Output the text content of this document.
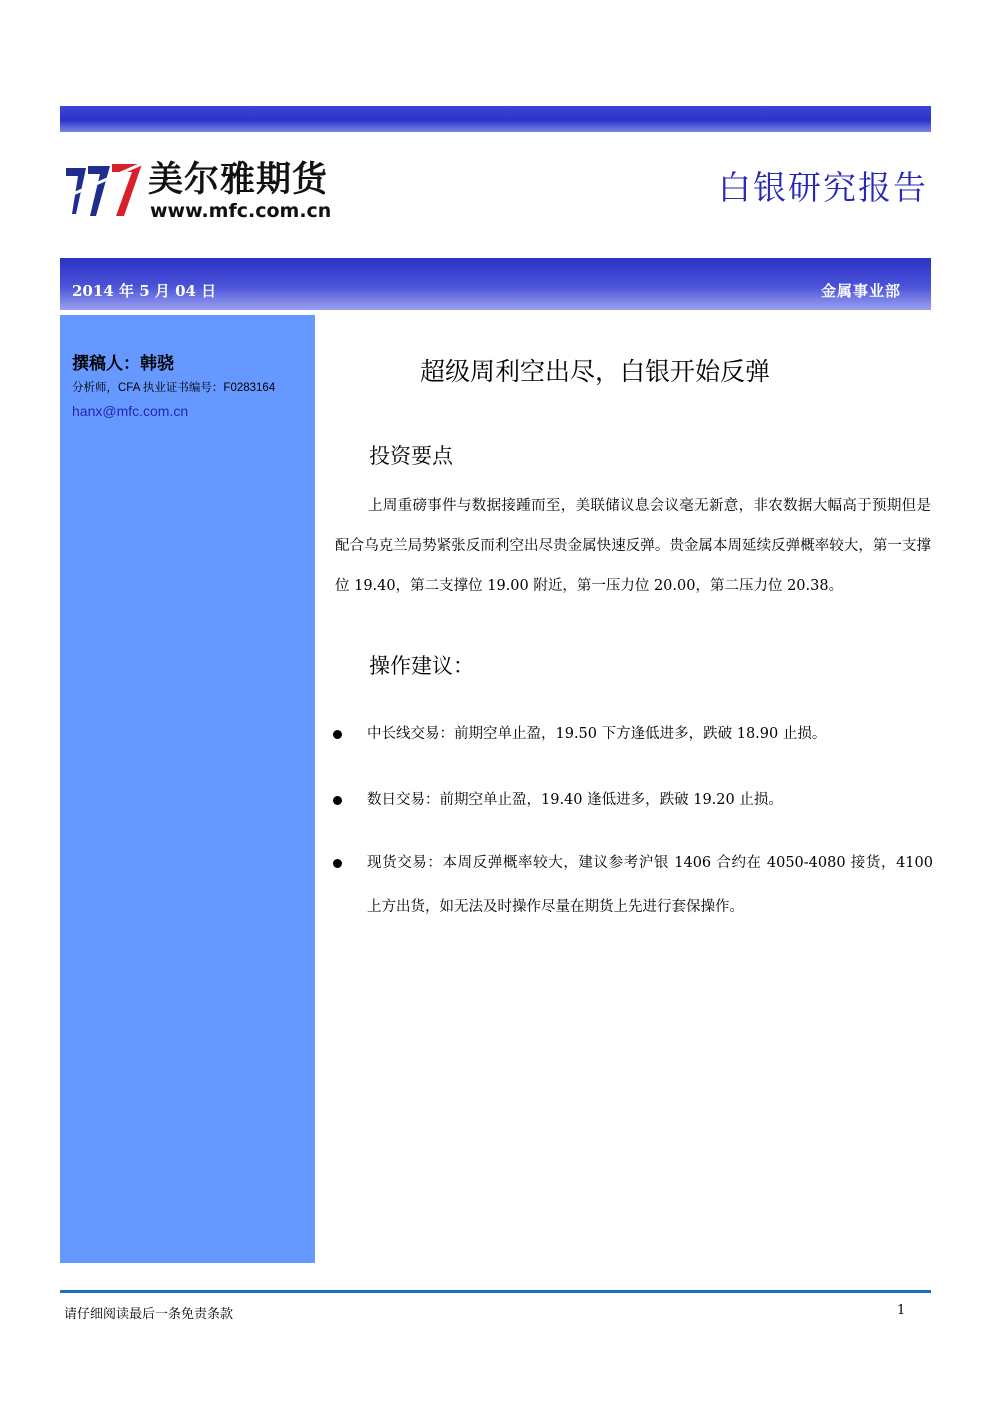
美尔雅期货
www.mfc.com.cn
白银研究报告
2014 年 5 月 04 日	金属事业部
撰稿人：韩骁
分析师，CFA 执业证书编号：F0283164
hanx@mfc.com.cn
超级周利空出尽，白银开始反弹
投资要点

上周重磅事件与数据接踵而至，美联储议息会议毫无新意，非农数据大幅高于预期但是配合乌克兰局势紧张反而利空出尽贵金属快速反弹。贵金属本周延续反弹概率较大，第一支撑位 19.40，第二支撑位 19.00 附近，第一压力位 20.00，第二压力位 20.38。

操作建议：
中长线交易：前期空单止盈，19.50 下方逢低进多，跌破 18.90 止损。
数日交易：前期空单止盈，19.40 逢低进多，跌破 19.20 止损。
现货交易：本周反弹概率较大，建议参考沪银 1406 合约在 4050-4080 接货，4100 上方出货，如无法及时操作尽量在期货上先进行套保操作。
请仔细阅读最后一条免责条款	1
